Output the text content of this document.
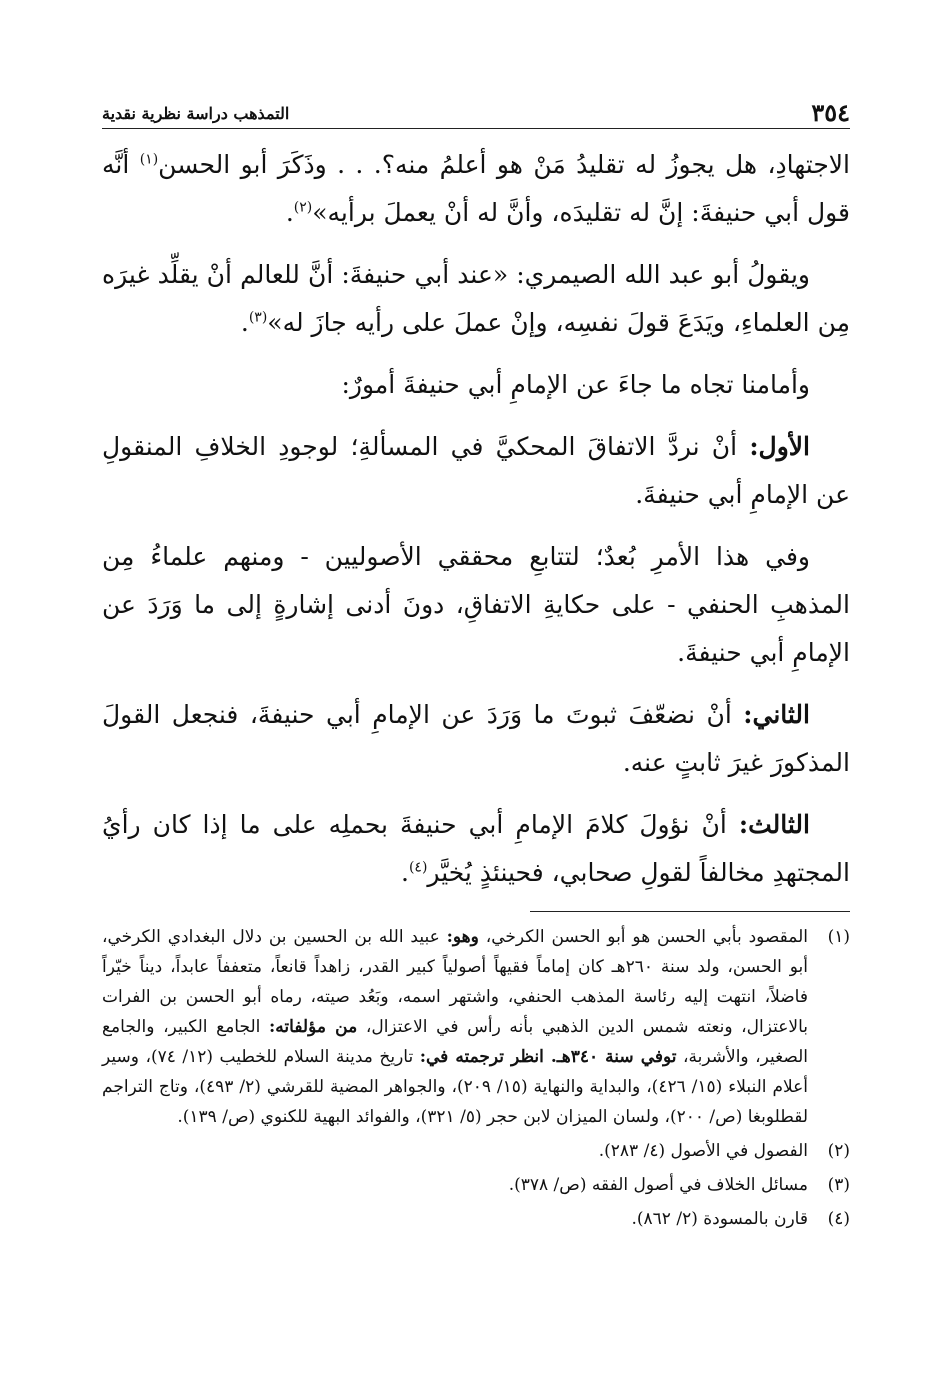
٣٥٤
التمذهب دراسة نظرية نقدية

الاجتهادِ، هل يجوزُ له تقليدُ مَنْ هو أعلمُ منه؟. . . وذَكَرَ أبو الحسن$^{(١)}$ أنَّه قول أبي حنيفةَ: إنَّ له تقليدَه، وأنَّ له أنْ يعملَ برأيه»$^{(٢)}$.

ويقولُ أبو عبد الله الصيمري: «عند أبي حنيفةَ: أنَّ للعالم أنْ يقلِّد غيرَه مِن العلماءِ، ويَدَعَ قولَ نفسِه، وإنْ عملَ على رأيه جازَ له»$^{(٣)}$.

وأمامنا تجاه ما جاءَ عن الإمامِ أبي حنيفةَ أمورٌ:

الأول: أنْ نردَّ الاتفاقَ المحكيَّ في المسألةِ؛ لوجودِ الخلافِ المنقولِ عن الإمامِ أبي حنيفةَ.

وفي هذا الأمرِ بُعدٌ؛ لتتابعِ محققي الأصوليين - ومنهم علماءُ مِن المذهبِ الحنفي - على حكايةِ الاتفاقِ، دونَ أدنى إشارةٍ إلى ما وَرَدَ عن الإمامِ أبي حنيفةَ.

الثاني: أنْ نضعّفَ ثبوتَ ما وَرَدَ عن الإمامِ أبي حنيفةَ، فنجعل القولَ المذكورَ غيرَ ثابتٍ عنه.

الثالث: أنْ نؤولَ كلامَ الإمامِ أبي حنيفةَ بحملِه على ما إذا كان رأيُ المجتهدِ مخالفاً لقولِ صحابي، فحينئذٍ يُخيَّر$^{(٤)}$.

(١)
المقصود بأبي الحسن هو أبو الحسن الكرخي، وهو: عبيد الله بن الحسين بن دلال البغدادي الكرخي، أبو الحسن، ولد سنة ٢٦٠هـ كان إماماً فقيهاً أصولياً كبير القدر، زاهداً قانعاً، متعففاً عابداً، ديناً خيّراً فاضلاً، انتهت إليه رئاسة المذهب الحنفي، واشتهر اسمه، وبَعُد صيته، رماه أبو الحسن بن الفرات بالاعتزال، ونعته شمس الدين الذهبي بأنه رأس في الاعتزال، من مؤلفاته: الجامع الكبير، والجامع الصغير، والأشربة، توفي سنة ٣٤٠هـ. انظر ترجمته في: تاريخ مدينة السلام للخطيب (١٢/ ٧٤)، وسير أعلام النبلاء (١٥/ ٤٢٦)، والبداية والنهاية (١٥/ ٢٠٩)، والجواهر المضية للقرشي (٢/ ٤٩٣)، وتاج التراجم لقطلوبغا (ص/ ٢٠٠)، ولسان الميزان لابن حجر (٥/ ٣٢١)، والفوائد البهية للكنوي (ص/ ١٣٩).
(٢)
الفصول في الأصول (٤/ ٢٨٣).
(٣)
مسائل الخلاف في أصول الفقه (ص/ ٣٧٨).
(٤)
قارن بالمسودة (٢/ ٨٦٢).
